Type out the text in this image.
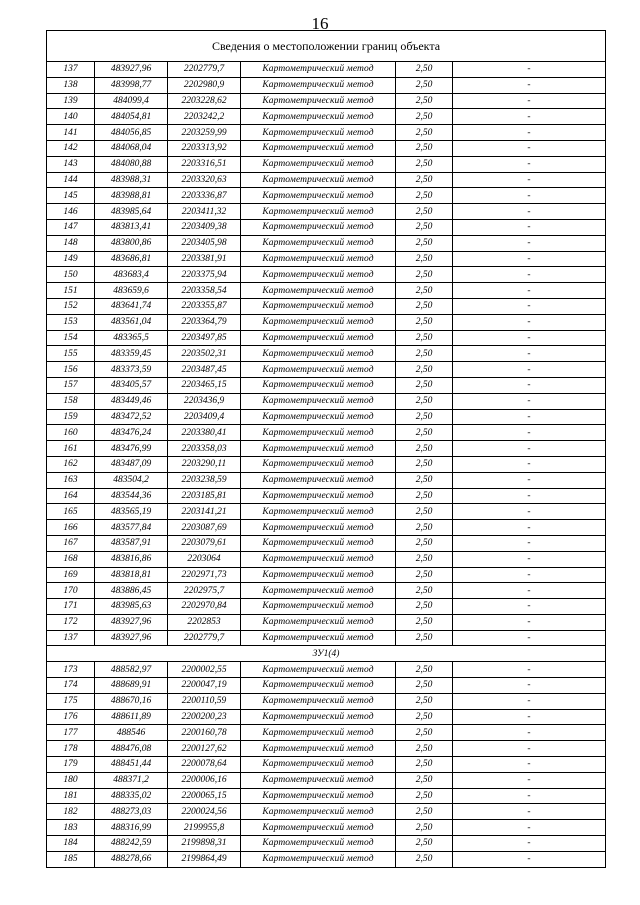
16
Сведения о местоположении границ объекта					
137	483927,96	2202779,7	Картометрический метод	2,50	-
138	483998,77	2202980,9	Картометрический метод	2,50	-
139	484099,4	2203228,62	Картометрический метод	2,50	-
140	484054,81	2203242,2	Картометрический метод	2,50	-
141	484056,85	2203259,99	Картометрический метод	2,50	-
142	484068,04	2203313,92	Картометрический метод	2,50	-
143	484080,88	2203316,51	Картометрический метод	2,50	-
144	483988,31	2203320,63	Картометрический метод	2,50	-
145	483988,81	2203336,87	Картометрический метод	2,50	-
146	483985,64	2203411,32	Картометрический метод	2,50	-
147	483813,41	2203409,38	Картометрический метод	2,50	-
148	483800,86	2203405,98	Картометрический метод	2,50	-
149	483686,81	2203381,91	Картометрический метод	2,50	-
150	483683,4	2203375,94	Картометрический метод	2,50	-
151	483659,6	2203358,54	Картометрический метод	2,50	-
152	483641,74	2203355,87	Картометрический метод	2,50	-
153	483561,04	2203364,79	Картометрический метод	2,50	-
154	483365,5	2203497,85	Картометрический метод	2,50	-
155	483359,45	2203502,31	Картометрический метод	2,50	-
156	483373,59	2203487,45	Картометрический метод	2,50	-
157	483405,57	2203465,15	Картометрический метод	2,50	-
158	483449,46	2203436,9	Картометрический метод	2,50	-
159	483472,52	2203409,4	Картометрический метод	2,50	-
160	483476,24	2203380,41	Картометрический метод	2,50	-
161	483476,99	2203358,03	Картометрический метод	2,50	-
162	483487,09	2203290,11	Картометрический метод	2,50	-
163	483504,2	2203238,59	Картометрический метод	2,50	-
164	483544,36	2203185,81	Картометрический метод	2,50	-
165	483565,19	2203141,21	Картометрический метод	2,50	-
166	483577,84	2203087,69	Картометрический метод	2,50	-
167	483587,91	2203079,61	Картометрический метод	2,50	-
168	483816,86	2203064	Картометрический метод	2,50	-
169	483818,81	2202971,73	Картометрический метод	2,50	-
170	483886,45	2202975,7	Картометрический метод	2,50	-
171	483985,63	2202970,84	Картометрический метод	2,50	-
172	483927,96	2202853	Картометрический метод	2,50	-
137	483927,96	2202779,7	Картометрический метод	2,50	-
ЗУ1(4)					
173	488582,97	2200002,55	Картометрический метод	2,50	-
174	488689,91	2200047,19	Картометрический метод	2,50	-
175	488670,16	2200110,59	Картометрический метод	2,50	-
176	488611,89	2200200,23	Картометрический метод	2,50	-
177	488546	2200160,78	Картометрический метод	2,50	-
178	488476,08	2200127,62	Картометрический метод	2,50	-
179	488451,44	2200078,64	Картометрический метод	2,50	-
180	488371,2	2200006,16	Картометрический метод	2,50	-
181	488335,02	2200065,15	Картометрический метод	2,50	-
182	488273,03	2200024,56	Картометрический метод	2,50	-
183	488316,99	2199955,8	Картометрический метод	2,50	-
184	488242,59	2199898,31	Картометрический метод	2,50	-
185	488278,66	2199864,49	Картометрический метод	2,50	-
